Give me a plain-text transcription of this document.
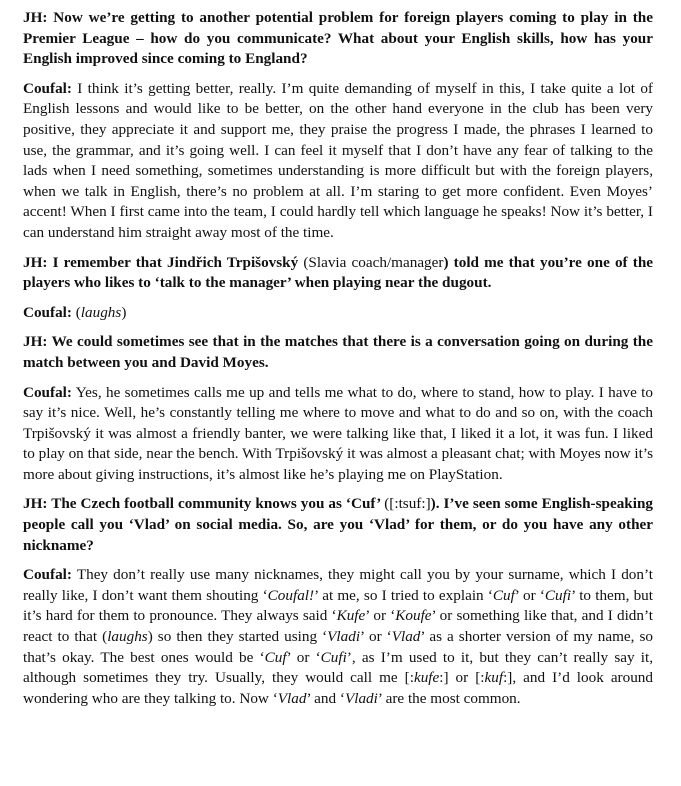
JH: Now we’re getting to another potential problem for foreign players coming to play in the Premier League – how do you communicate? What about your English skills, how has your English improved since coming to England?

Coufal: I think it’s getting better, really. I’m quite demanding of myself in this, I take quite a lot of English lessons and would like to be better, on the other hand everyone in the club has been very positive, they appreciate it and support me, they praise the progress I made, the phrases I learned to use, the grammar, and it’s going well. I can feel it myself that I don’t have any fear of talking to the lads when I need something, sometimes understanding is more difficult but with the foreign players, when we talk in English, there’s no problem at all. I’m staring to get more confident. Even Moyes’ accent! When I first came into the team, I could hardly tell which language he speaks! Now it’s better, I can understand him straight away most of the time.

JH: I remember that Jindřich Trpišovský (Slavia coach/manager) told me that you’re one of the players who likes to ‘talk to the manager’ when playing near the dugout.

Coufal: (laughs)

JH: We could sometimes see that in the matches that there is a conversation going on during the match between you and David Moyes.

Coufal: Yes, he sometimes calls me up and tells me what to do, where to stand, how to play. I have to say it’s nice. Well, he’s constantly telling me where to move and what to do and so on, with the coach Trpišovský it was almost a friendly banter, we were talking like that, I liked it a lot, it was fun. I liked to play on that side, near the bench. With Trpišovský it was almost a pleasant chat; with Moyes now it’s more about giving instructions, it’s almost like he’s playing me on PlayStation.

JH: The Czech football community knows you as ‘Cuf’ ([:tsuf:]). I’ve seen some English-speaking people call you ‘Vlad’ on social media. So, are you ‘Vlad’ for them, or do you have any other nickname?

Coufal: They don’t really use many nicknames, they might call you by your surname, which I don’t really like, I don’t want them shouting ‘Coufal!’ at me, so I tried to explain ‘Cuf’ or ‘Cufi’ to them, but it’s hard for them to pronounce. They always said ‘Kufe’ or ‘Koufe’ or something like that, and I didn’t react to that (laughs) so then they started using ‘Vladi’ or ‘Vlad’ as a shorter version of my name, so that’s okay. The best ones would be ‘Cuf’ or ‘Cufi’, as I’m used to it, but they can’t really say it, although sometimes they try. Usually, they would call me [:kufe:] or [:kuf:], and I’d look around wondering who are they talking to. Now ‘Vlad’ and ‘Vladi’ are the most common.
